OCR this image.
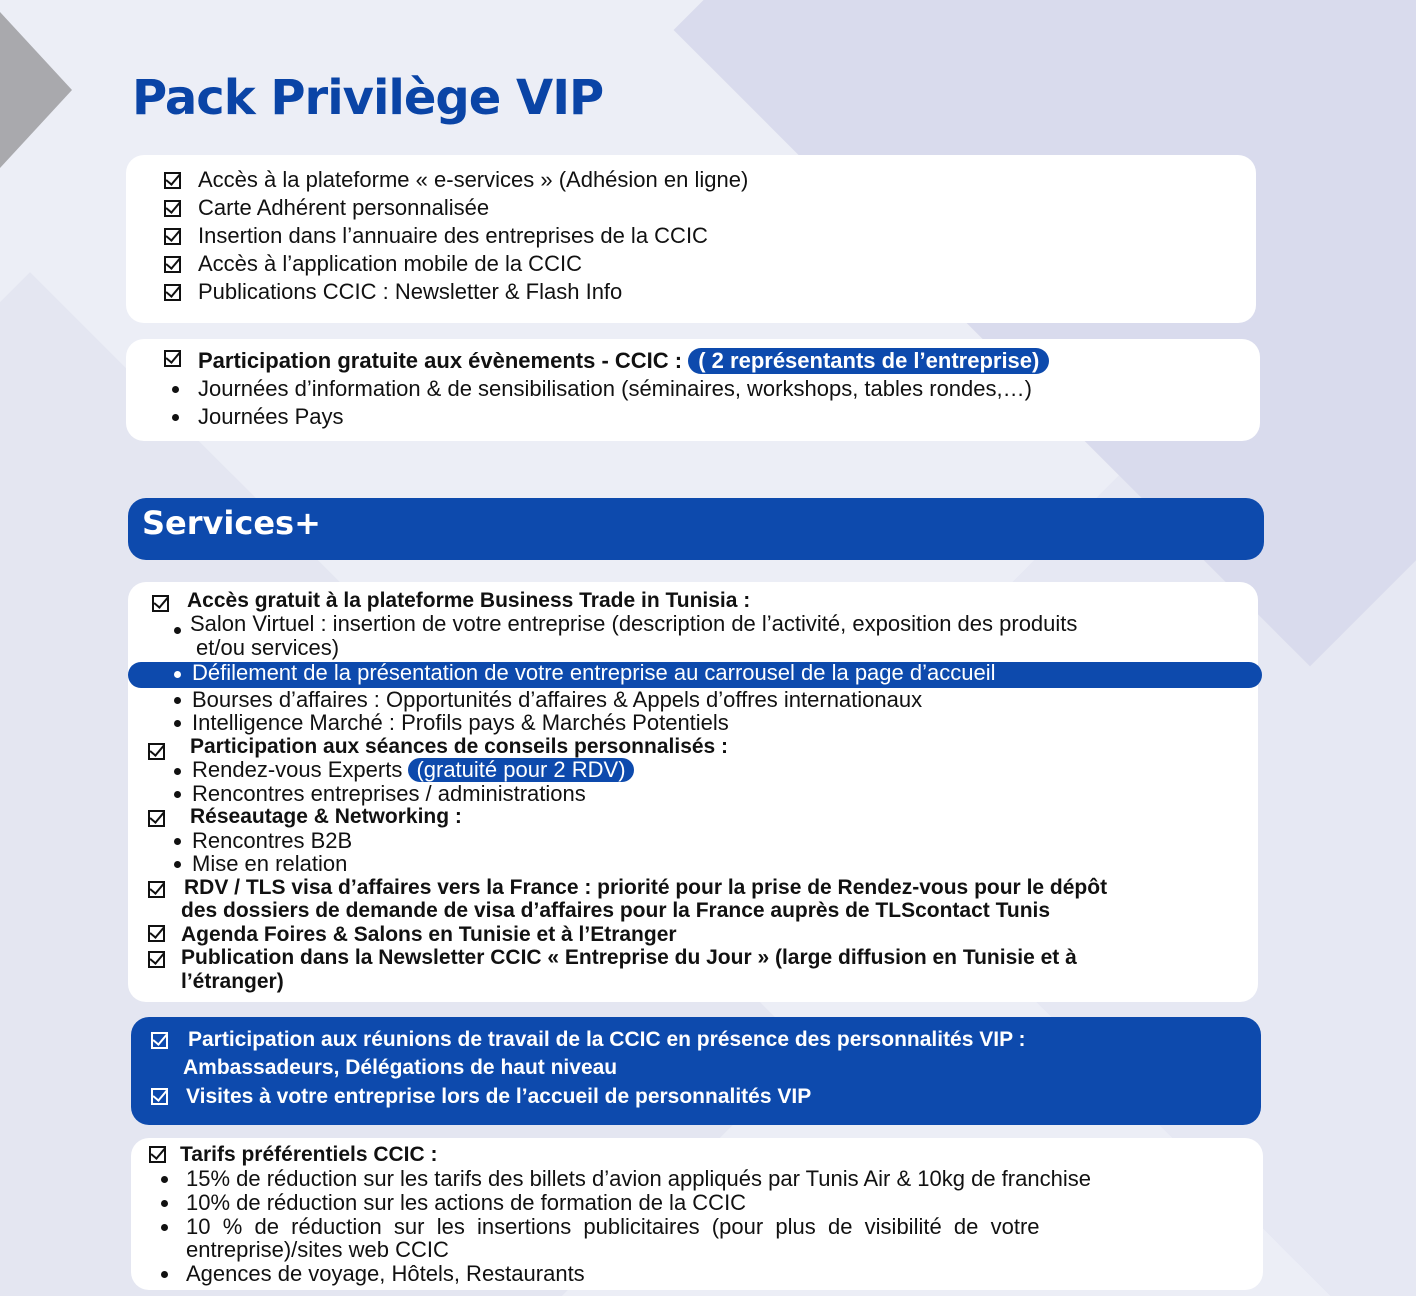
Pack Privilège VIP
Accès à la plateforme « e-services » (Adhésion en ligne)
Carte Adhérent personnalisée
Insertion dans l’annuaire des entreprises de la CCIC
Accès à l’application mobile de la CCIC
Publications CCIC : Newsletter & Flash Info
Participation gratuite aux évènements - CCIC : ( 2 représentants de l’entreprise)
Journées d’information & de sensibilisation (séminaires, workshops, tables rondes,…)
Journées Pays
Services+
Accès gratuit à la plateforme Business Trade in Tunisia :
Salon Virtuel : insertion de votre entreprise (description de l’activité, exposition des produits
et/ou services)
Défilement de la présentation de votre entreprise au carrousel de la page d’accueil
Bourses d’affaires : Opportunités d’affaires & Appels d’offres internationaux
Intelligence Marché : Profils pays & Marchés Potentiels
Participation aux séances de conseils personnalisés :
Rendez-vous Experts (gratuité pour 2 RDV)
Rencontres entreprises / administrations
Réseautage & Networking :
Rencontres B2B
Mise en relation
RDV / TLS visa d’affaires vers la France : priorité pour la prise de Rendez-vous pour le dépôt
des dossiers de demande de visa d’affaires pour la France auprès de TLScontact Tunis
Agenda Foires & Salons en Tunisie et à l’Etranger
Publication dans la Newsletter CCIC « Entreprise du Jour » (large diffusion en Tunisie et à
l’étranger)
Participation aux réunions de travail de la CCIC en présence des personnalités VIP :
Ambassadeurs, Délégations de haut niveau
Visites à votre entreprise lors de l’accueil de personnalités VIP
Tarifs préférentiels CCIC :
15% de réduction sur les tarifs des billets d’avion appliqués par Tunis Air & 10kg de franchise
10% de réduction sur les actions de formation de la CCIC
10  %  de  réduction  sur  les  insertions  publicitaires  (pour  plus  de  visibilité  de  votre
entreprise)/sites web CCIC
Agences de voyage, Hôtels, Restaurants
